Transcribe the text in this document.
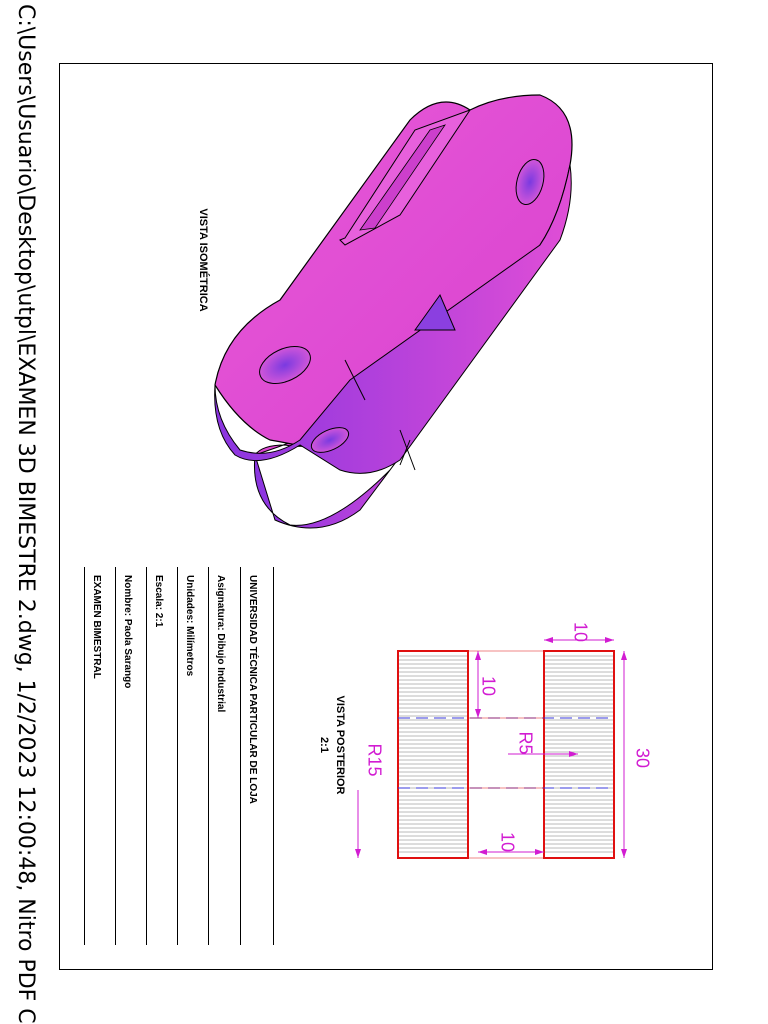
C:\Users\Usuario\Desktop\utpl\EXAMEN 3D BIMESTRE 2.dwg, 1/2/2023 12:00:48, Nitro PDF C	VISTA ISOMÉTRICA
VISTA POSTERIOR
2:1
10
10
R5
30
R15
10
UNIVERSIDAD TÉCNICA PARTICULAR DE LOJA
Asignatura: Dibujo Industrial
Unidades: Milímetros
Escala: 2:1
Nombre: Paola Sarango
EXAMEN BIMESTRAL
